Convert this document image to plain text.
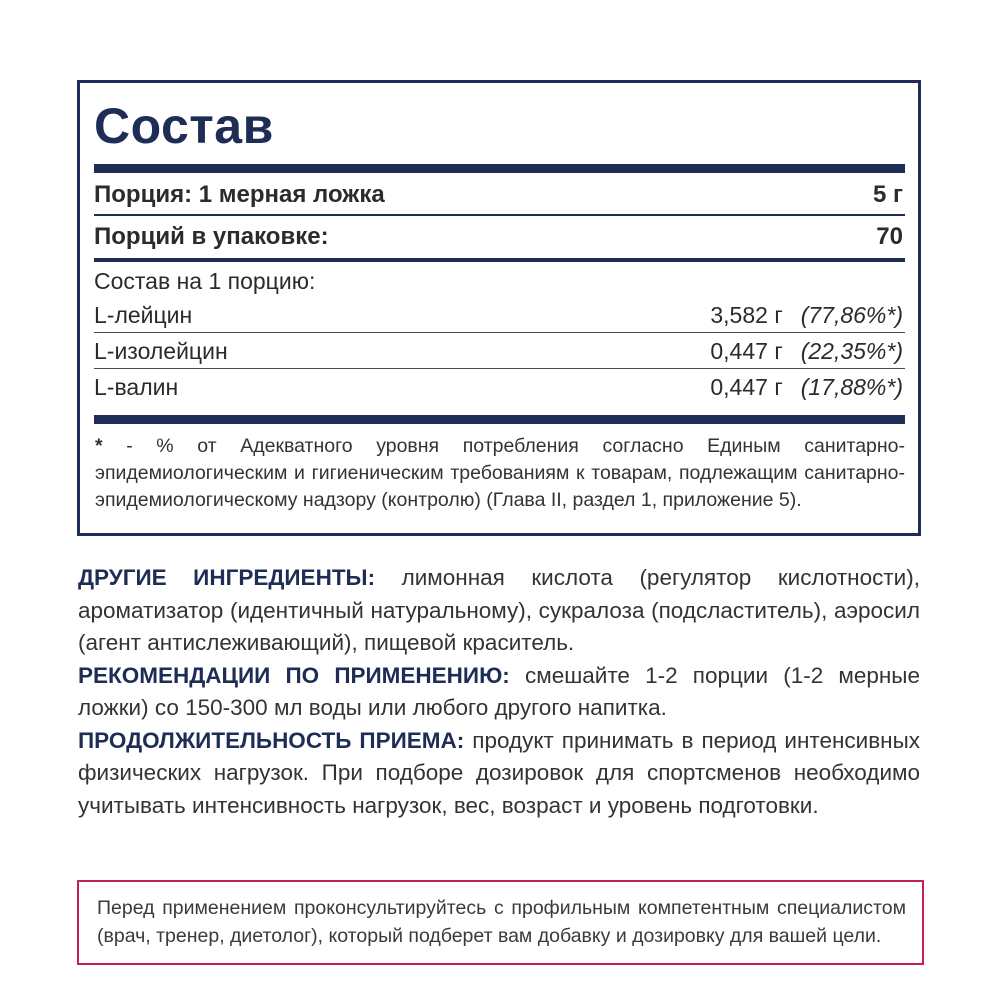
Состав
Порция: 1 мерная ложка	5 г
Порций в упаковке:	70
Состав на 1 порцию:
L-лейцин	3,582 г (77,86%*)
L-изолейцин	0,447 г (22,35%*)
L-валин	0,447 г (17,88%*)

* - % от Адекватного уровня потребления согласно Единым санитарно-эпидемиологическим и гигиеническим требованиям к товарам, подлежащим санитарно-эпидемиологическому надзору (контролю) (Глава II, раздел 1, приложение 5).

ДРУГИЕ ИНГРЕДИЕНТЫ: лимонная кислота (регулятор кислотности), ароматизатор (идентичный натуральному), сукралоза (подсластитель), аэросил (агент антислеживающий), пищевой краситель.

РЕКОМЕНДАЦИИ ПО ПРИМЕНЕНИЮ: смешайте 1-2 порции (1-2 мерные ложки) со 150-300 мл воды или любого другого напитка.

ПРОДОЛЖИТЕЛЬНОСТЬ ПРИЕМА: продукт принимать в период интенсивных физических нагрузок. При подборе дозировок для спортсменов необходимо учитывать интенсивность нагрузок, вес, возраст и уровень подготовки.

Перед применением проконсультируйтесь с профильным компетентным специалистом (врач, тренер, диетолог), который подберет вам добавку и дозировку для вашей цели.
